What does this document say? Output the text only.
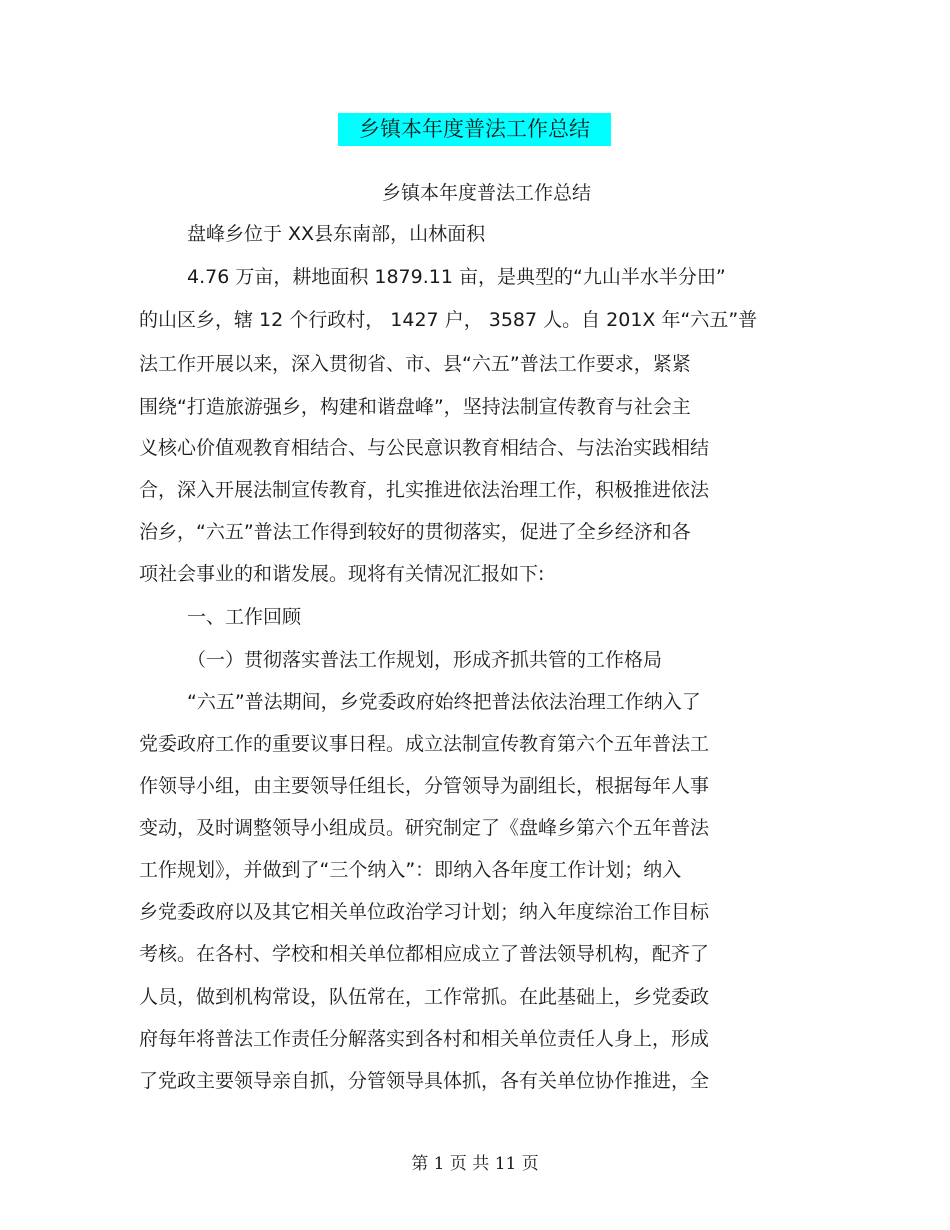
乡镇本年度普法工作总结
乡镇本年度普法工作总结
盘峰乡位于 XX县东南部，山林面积
4.76 万亩，耕地面积 1879.11 亩，是典型的“九山半水半分田”
的山区乡，辖 12 个行政村， 1427 户， 3587 人。自 201X 年“六五”普
法工作开展以来，深入贯彻省、市、县“六五”普法工作要求，紧紧
围绕“打造旅游强乡，构建和谐盘峰”，坚持法制宣传教育与社会主
义核心价值观教育相结合、与公民意识教育相结合、与法治实践相结
合，深入开展法制宣传教育，扎实推进依法治理工作，积极推进依法
治乡，“六五”普法工作得到较好的贯彻落实，促进了全乡经济和各
项社会事业的和谐发展。现将有关情况汇报如下:
一、工作回顾
（一）贯彻落实普法工作规划，形成齐抓共管的工作格局
“六五”普法期间，乡党委政府始终把普法依法治理工作纳入了
党委政府工作的重要议事日程。成立法制宣传教育第六个五年普法工
作领导小组，由主要领导任组长，分管领导为副组长，根据每年人事
变动，及时调整领导小组成员。研究制定了《盘峰乡第六个五年普法
工作规划》，并做到了“三个纳入”：即纳入各年度工作计划；纳入
乡党委政府以及其它相关单位政治学习计划；纳入年度综治工作目标
考核。在各村、学校和相关单位都相应成立了普法领导机构，配齐了
人员，做到机构常设，队伍常在，工作常抓。在此基础上，乡党委政
府每年将普法工作责任分解落实到各村和相关单位责任人身上，形成
了党政主要领导亲自抓，分管领导具体抓，各有关单位协作推进，全
第 1 页 共 11 页
